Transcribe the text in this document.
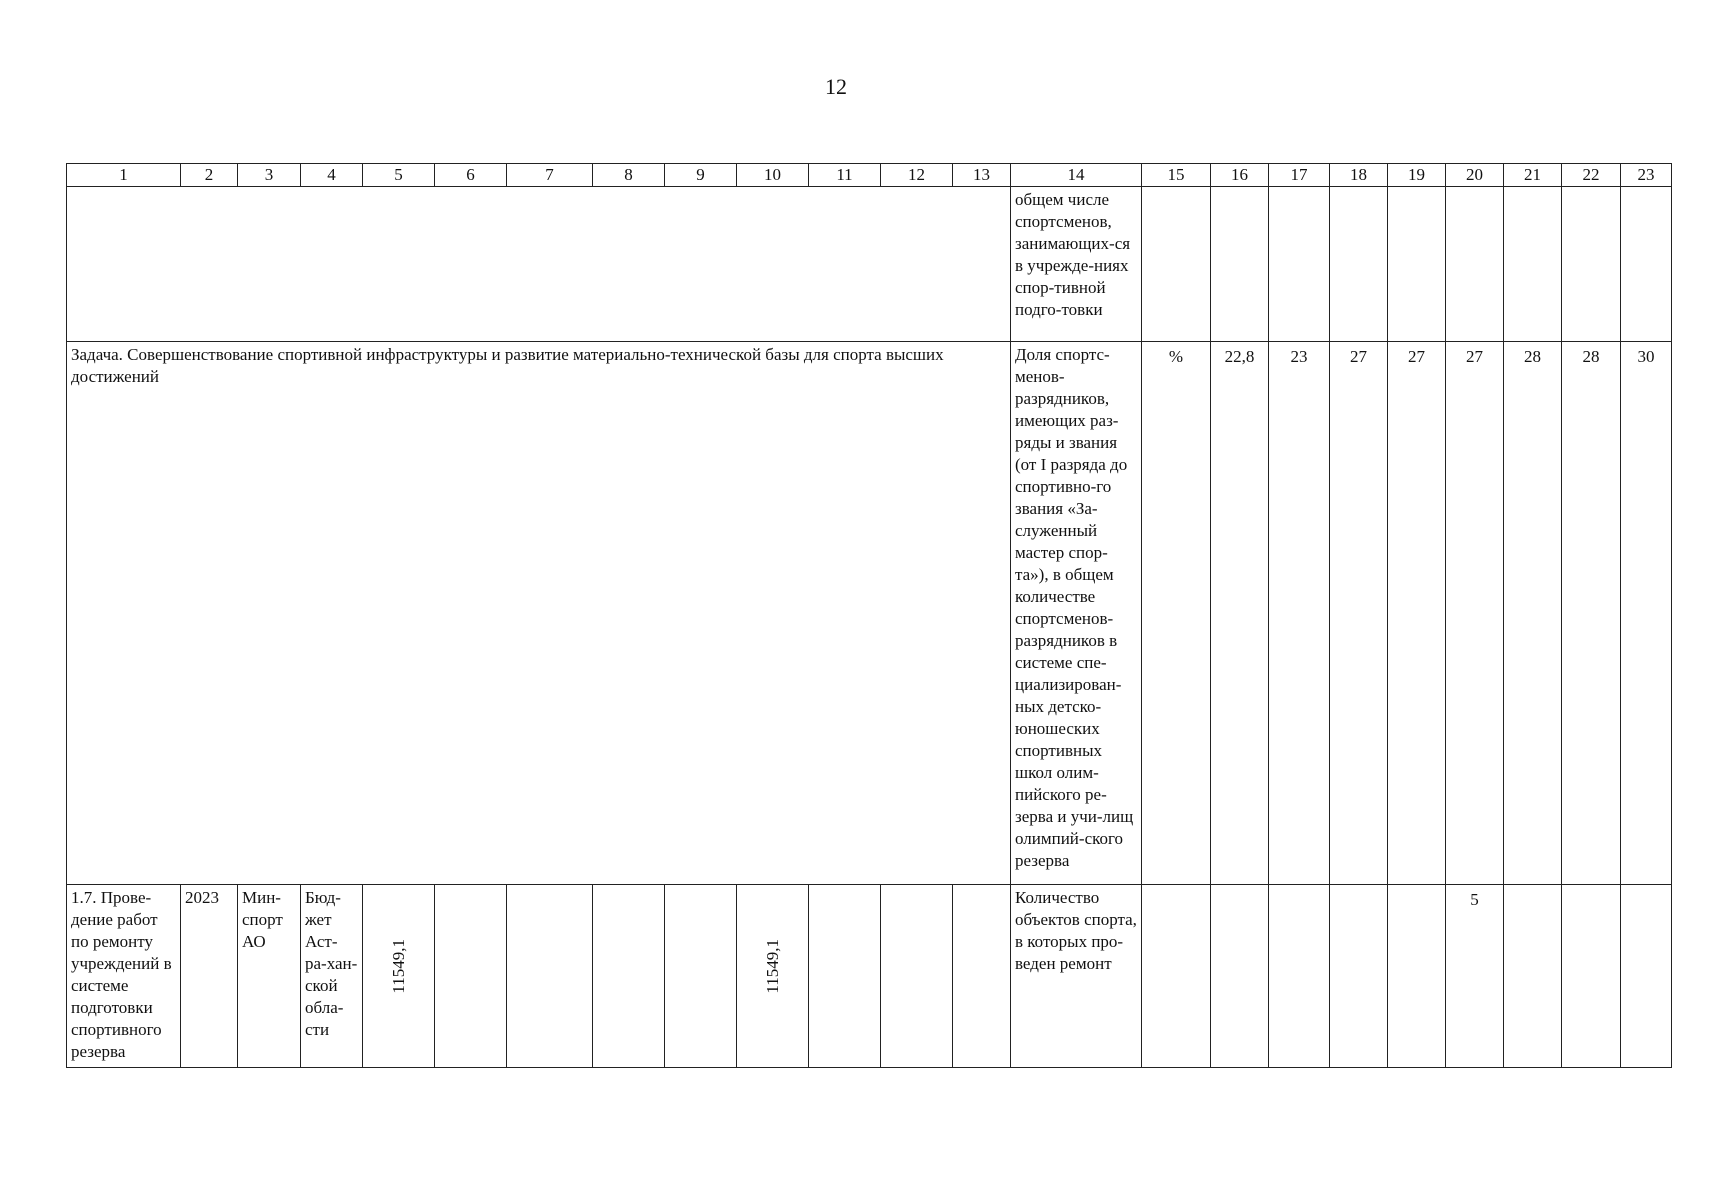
12
1	2	3	4	5	6	7	8	9	10	11	12	13	14	15	16	17	18	19	20	21	22	23
													общем числе спортсменов, занимающих-ся в учрежде-ниях спор-тивной подго-товки									
Задача. Совершенствование спортивной инфраструктуры и развитие материально-технической базы для спорта высших достижений													Доля спортс-менов-разрядников, имеющих раз-ряды и звания (от I разряда до спортивно-го звания «За-служенный мастер спор-та»), в общем количестве спортсменов-разрядников в системе спе-циализирован-ных детско-юношеских спортивных школ олим-пийского ре-зерва и учи-лищ олимпий-ского резерва	%	22,8	23	27	27	27	28	28	30
1.7. Прове-дение работ по ремонту учреждений в системе подготовки спортивного резерва	2023	Мин-спорт АО	Бюд-жет Аст-ра-хан-ской обла-сти	11549,1					11549,1				Количество объектов спорта, в которых про-веден ремонт						5			
